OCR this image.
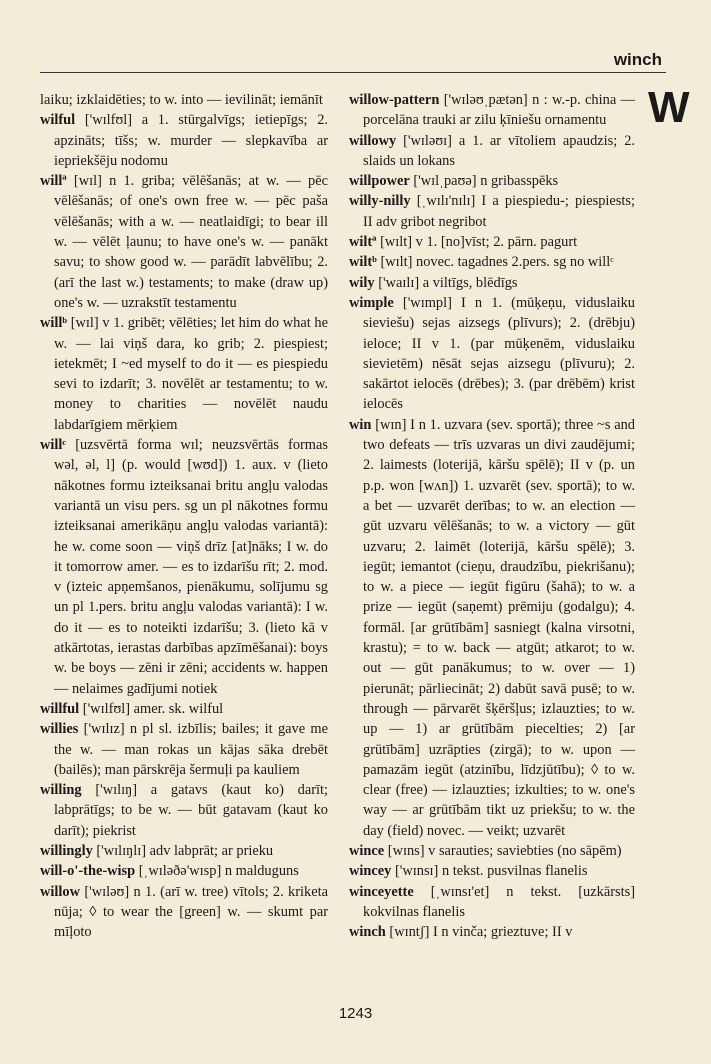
winch
W

laiku; izklaidēties; to w. into — ievilināt; iemānīt

wilful ['wɪlfʊl] a 1. stūrgalvīgs; ietiepīgs; 2. apzināts; tīšs; w. murder — slepkavība ar iepriekšēju nodomu

willª [wɪl] n 1. griba; vēlēšanās; at w. — pēc vēlēšanās; of one's own free w. — pēc paša vēlēšanās; with a w. — neatlaidīgi; to bear ill w. — vēlēt ļaunu; to have one's w. — panākt savu; to show good w. — parādīt labvēlību; 2. (arī the last w.) testaments; to make (draw up) one's w. — uzrakstīt testamentu

willᵇ [wɪl] v 1. gribēt; vēlēties; let him do what he w. — lai viņš dara, ko grib; 2. piespiest; ietekmēt; I ~ed myself to do it — es piespiedu sevi to izdarīt; 3. novēlēt ar testamentu; to w. money to charities — novēlēt naudu labdarīgiem mērķiem

willᶜ [uzsvērtā forma wɪl; neuzsvērtās formas wəl, əl, l] (p. would [wʊd]) 1. aux. v (lieto nākotnes formu izteiksanai britu angļu valodas variantā un visu pers. sg un pl nākotnes formu izteiksanai amerikāņu angļu valodas variantā): he w. come soon — viņš drīz [at]nāks; I w. do it tomorrow amer. — es to izdarīšu rīt; 2. mod. v (izteic apņemšanos, pienākumu, solījumu sg un pl 1.pers. britu angļu valodas variantā): I w. do it — es to noteikti izdarīšu; 3. (lieto kā v atkārtotas, ierastas darbības apzīmēšanai): boys w. be boys — zēni ir zēni; accidents w. happen — nelaimes gadījumi notiek

willful ['wɪlfʊl] amer. sk. wilful

willies ['wɪlɪz] n pl sl. izbīlis; bailes; it gave me the w. — man rokas un kājas sāka drebēt (bailēs); man pārskrēja šermuļi pa kauliem

willing ['wɪlɪŋ] a gatavs (kaut ko) darīt; labprātīgs; to be w. — būt gatavam (kaut ko darīt); piekrist

willingly ['wɪlɪŋlɪ] adv labprāt; ar prieku

will-o'-the-wisp [ˌwɪləðə'wɪsp] n malduguns

willow ['wɪləʊ] n 1. (arī w. tree) vītols; 2. kriketa nūja; ◊ to wear the [green] w. — skumt par mīļoto

willow-pattern ['wɪləʊˌpætən] n : w.-p. china — porcelāna trauki ar zilu ķīniešu ornamentu

willowy ['wɪləʊɪ] a 1. ar vītoliem apaudzis; 2. slaids un lokans

willpower ['wɪlˌpaʊə] n gribasspēks

willy-nilly [ˌwɪlɪ'nɪlɪ] I a piespiedu-; piespiests; II adv gribot negribot

wiltª [wɪlt] v 1. [no]vīst; 2. pārn. pagurt

wiltᵇ [wɪlt] novec. tagadnes 2.pers. sg no willᶜ

wily ['waɪlɪ] a viltīgs, blēdīgs

wimple ['wɪmpl] I n 1. (mūķeņu, viduslaiku sieviešu) sejas aizsegs (plīvurs); 2. (drēbju) ieloce; II v 1. (par mūķenēm, viduslaiku sievietēm) nēsāt sejas aizsegu (plīvuru); 2. sakārtot ielocēs (drēbes); 3. (par drēbēm) krist ielocēs

win [wɪn] I n 1. uzvara (sev. sportā); three ~s and two defeats — trīs uzvaras un divi zaudējumi; 2. laimests (loterijā, kāršu spēlē); II v (p. un p.p. won [wʌn]) 1. uzvarēt (sev. sportā); to w. a bet — uzvarēt derības; to w. an election — gūt uzvaru vēlēšanās; to w. a victory — gūt uzvaru; 2. laimēt (loterijā, kāršu spēlē); 3. iegūt; iemantot (cieņu, draudzību, piekrišanu); to w. a piece — iegūt figūru (šahā); to w. a prize — iegūt (saņemt) prēmiju (godalgu); 4. formāl. [ar grūtībām] sasniegt (kalna virsotni, krastu); = to w. back — atgūt; atkarot; to w. out — gūt panākumus; to w. over — 1) pierunāt; pārliecināt; 2) dabūt savā pusē; to w. through — pārvarēt šķēršļus; izlauzties; to w. up — 1) ar grūtībām piecelties; 2) [ar grūtībām] uzrāpties (zirgā); to w. upon — pamazām iegūt (atzinību, līdzjūtību); ◊ to w. clear (free) — izlauzties; izkulties; to w. one's way — ar grūtībām tikt uz priekšu; to w. the day (field) novec. — veikt; uzvarēt

wince [wɪns] v sarauties; saviebties (no sāpēm)

wincey ['wɪnsɪ] n tekst. pusvilnas flanelis

winceyette [ˌwɪnsɪ'et] n tekst. [uzkārsts] kokvilnas flanelis

winch [wɪntʃ] I n vinča; grieztuve; II v

1243
